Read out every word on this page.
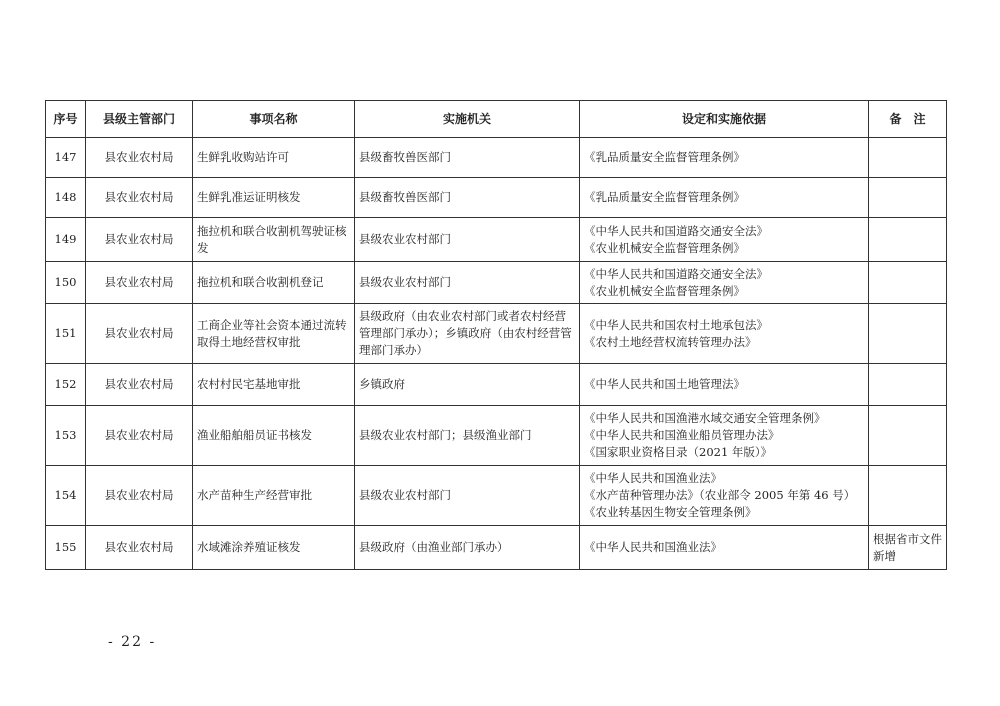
序号	县级主管部门	事项名称	实施机关	设定和实施依据	备　注
147	县农业农村局	生鲜乳收购站许可	县级畜牧兽医部门	《乳品质量安全监督管理条例》	

148	县农业农村局	生鲜乳准运证明核发	县级畜牧兽医部门	《乳品质量安全监督管理条例》	

149	县农业农村局	拖拉机和联合收割机驾驶证核发	县级农业农村部门	《中华人民共和国道路交通安全法》
《农业机械安全监督管理条例》	

150	县农业农村局	拖拉机和联合收割机登记	县级农业农村部门	《中华人民共和国道路交通安全法》
《农业机械安全监督管理条例》	

151	县农业农村局	工商企业等社会资本通过流转取得土地经营权审批	县级政府（由农业农村部门或者农村经营管理部门承办）；乡镇政府（由农村经营管理部门承办）	《中华人民共和国农村土地承包法》
《农村土地经营权流转管理办法》	

152	县农业农村局	农村村民宅基地审批	乡镇政府	《中华人民共和国土地管理法》	

153	县农业农村局	渔业船舶船员证书核发	县级农业农村部门；县级渔业部门	《中华人民共和国渔港水域交通安全管理条例》
《中华人民共和国渔业船员管理办法》
《国家职业资格目录（2021 年版）》	

154	县农业农村局	水产苗种生产经营审批	县级农业农村部门	《中华人民共和国渔业法》
《水产苗种管理办法》（农业部令 2005 年第 46 号）
《农业转基因生物安全管理条例》	

155	县农业农村局	水域滩涂养殖证核发	县级政府（由渔业部门承办）	《中华人民共和国渔业法》	根据省市文件新增
- 22 -
